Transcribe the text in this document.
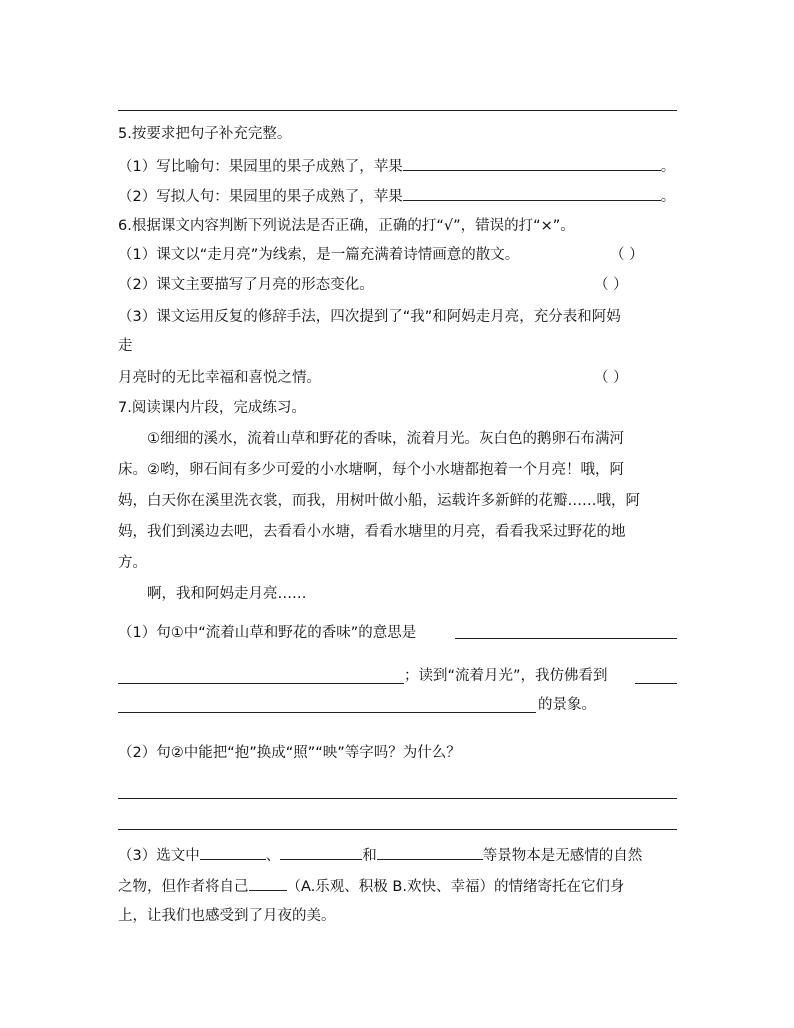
5.按要求把句子补充完整。
（1）写比喻句：果园里的果子成熟了，苹果	。
（2）写拟人句：果园里的果子成熟了，苹果	。
6.根据课文内容判断下列说法是否正确，正确的打“√”，错误的打“×”。
（1）课文以“走月亮”为线索，是一篇充满着诗情画意的散文。	（ ）
（2）课文主要描写了月亮的形态变化。	（ ）
（3）课文运用反复的修辞手法，四次提到了“我”和阿妈走月亮，充分表和阿妈
走
月亮时的无比幸福和喜悦之情。	（ ）
7.阅读课内片段，完成练习。
①细细的溪水，流着山草和野花的香味，流着月光。灰白色的鹅卵石布满河
床。②哟，卵石间有多少可爱的小水塘啊，每个小水塘都抱着一个月亮！哦，阿
妈，白天你在溪里洗衣裳，而我，用树叶做小船，运载许多新鲜的花瓣……哦，阿
妈，我们到溪边去吧，去看看小水塘，看看水塘里的月亮，看看我采过野花的地
方。
啊，我和阿妈走月亮……
（1）句①中“流着山草和野花的香味”的意思是
；读到“流着月光”，我仿佛看到
的景象。
（2）句②中能把“抱”换成“照”“映”等字吗？为什么？
（3）选文中	、	和	等景物本是无感情的自然
之物，但作者将自己	（A.乐观、积极 B.欢快、幸福）的情绪寄托在它们身
上，让我们也感受到了月夜的美。
